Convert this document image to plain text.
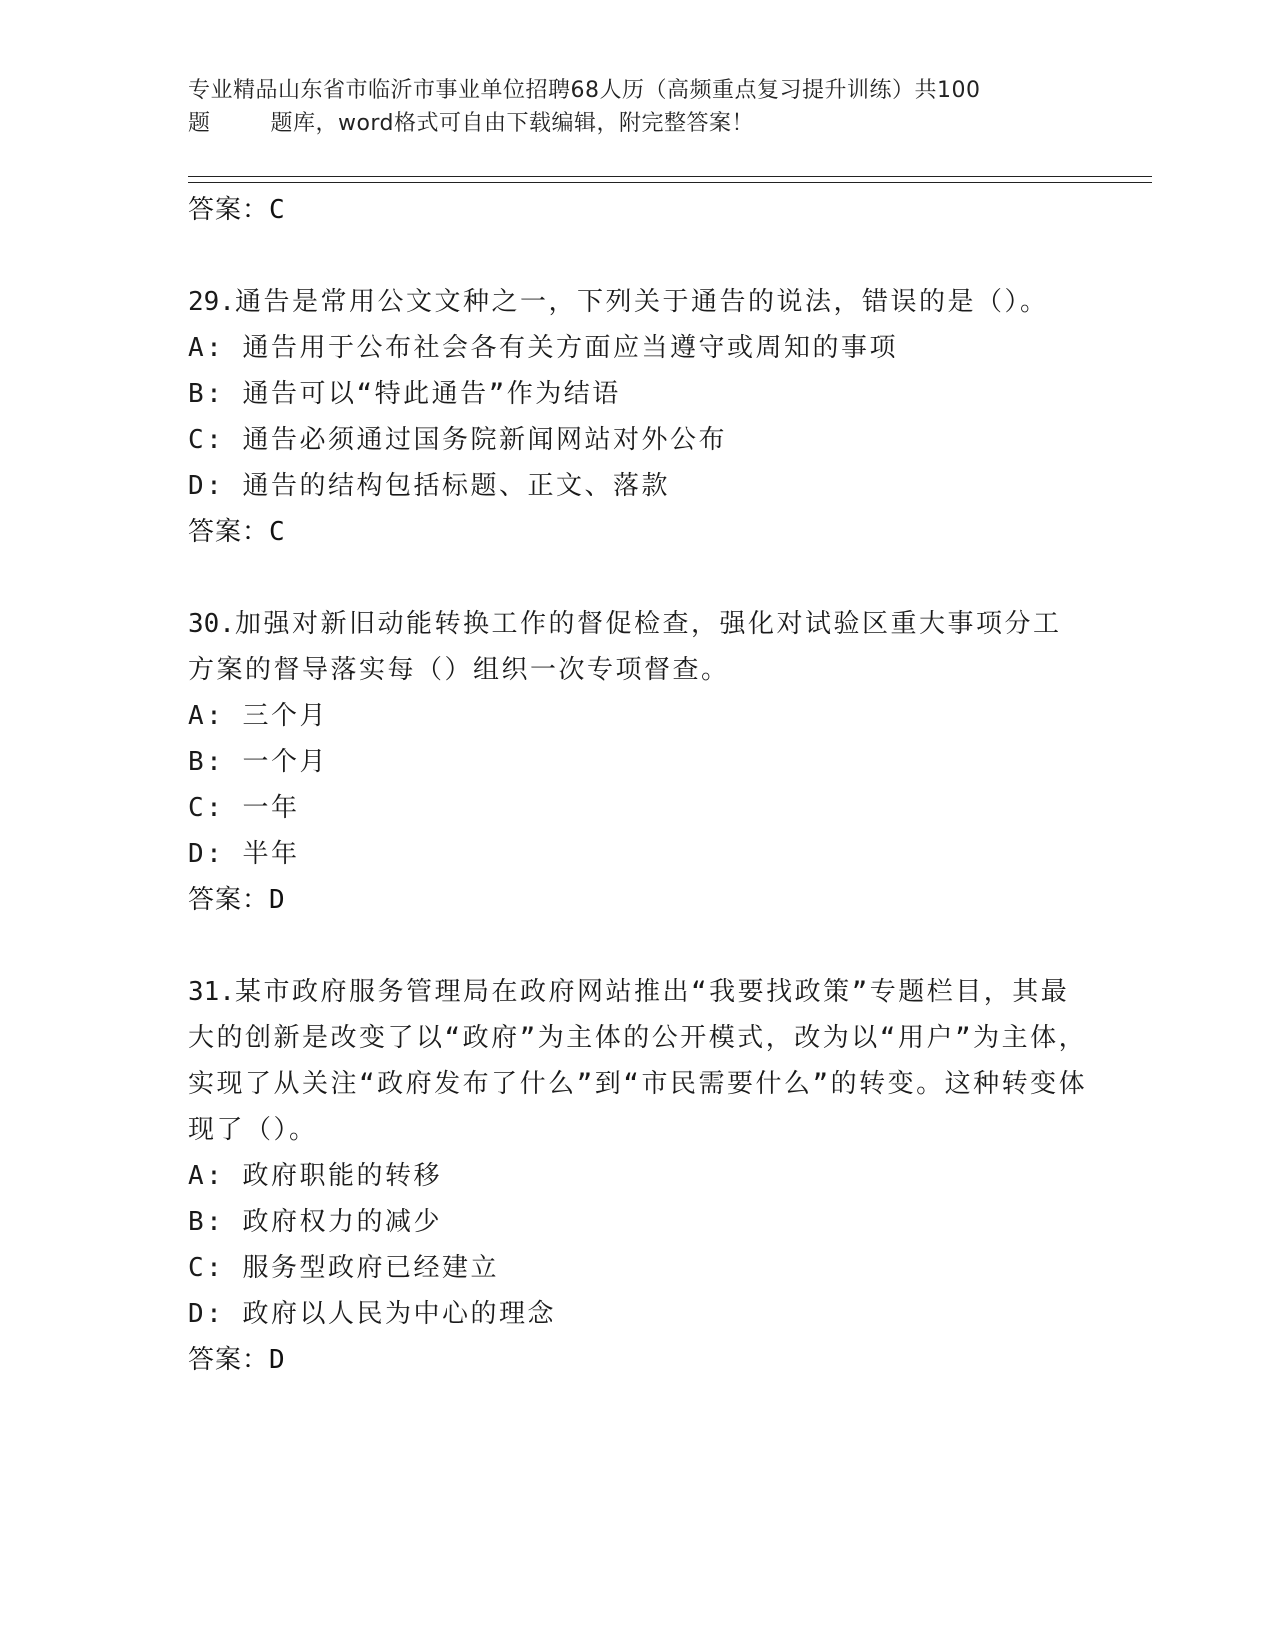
专业精品山东省市临沂市事业单位招聘68人历（高频重点复习提升训练）共100
题        题库，word格式可自由下载编辑，附完整答案！
答案：C
29.通告是常用公文文种之一，下列关于通告的说法，错误的是（）。
A: 通告用于公布社会各有关方面应当遵守或周知的事项
B: 通告可以“特此通告”作为结语
C: 通告必须通过国务院新闻网站对外公布
D: 通告的结构包括标题、正文、落款
答案：C
30.加强对新旧动能转换工作的督促检查，强化对试验区重大事项分工方案的督导落实每（）组织一次专项督查。
A: 三个月
B: 一个月
C: 一年
D: 半年
答案：D
31.某市政府服务管理局在政府网站推出“我要找政策”专题栏目，其最大的创新是改变了以“政府”为主体的公开模式，改为以“用户”为主体，实现了从关注“政府发布了什么”到“市民需要什么”的转变。这种转变体现了（）。
A: 政府职能的转移
B: 政府权力的减少
C: 服务型政府已经建立
D: 政府以人民为中心的理念
答案：D
